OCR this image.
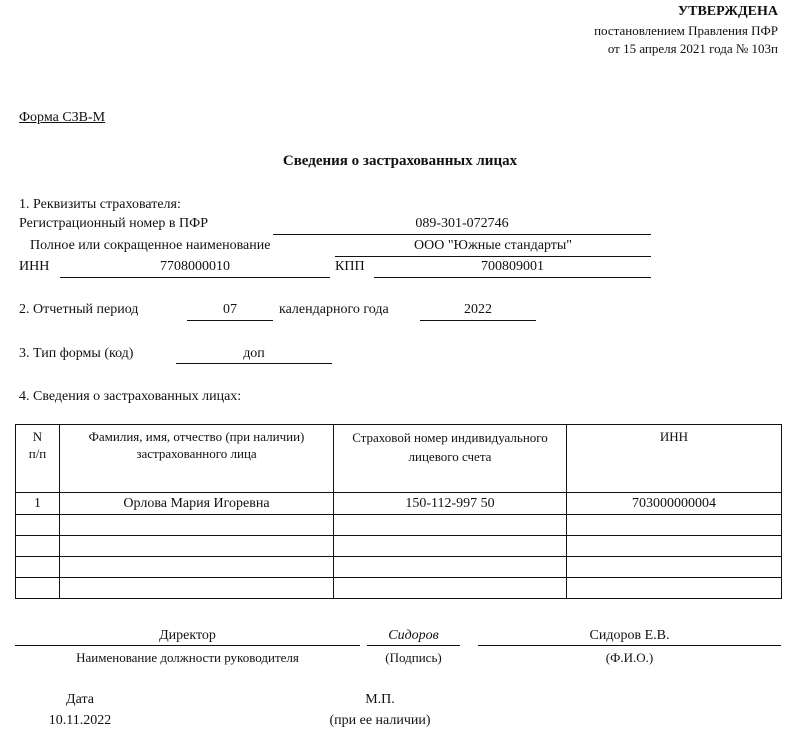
УТВЕРЖДЕНА
постановлением Правления ПФР
от 15 апреля 2021 года № 103п
Форма СЗВ-М
Сведения о застрахованных лицах
1. Реквизиты страхователя:
Регистрационный номер в ПФР	089-301-072746
Полное или сокращенное наименование	ООО "Южные стандарты"
ИНН	7708000010	КПП	700809001
2. Отчетный период	07	календарного года	2022
3. Тип формы (код)	доп
4. Сведения о застрахованных лицах:
N
п/п	Фамилия, имя, отчество (при наличии) застрахованного лица	Страховой номер индивидуального лицевого счета	ИНН
1	Орлова Мария Игоревна	150-112-997 50	703000000004

Директор
Наименование должности руководителя
Сидоров
(Подпись)
Сидоров Е.В.
(Ф.И.О.)
Дата
10.11.2022
М.П.
(при ее наличии)
